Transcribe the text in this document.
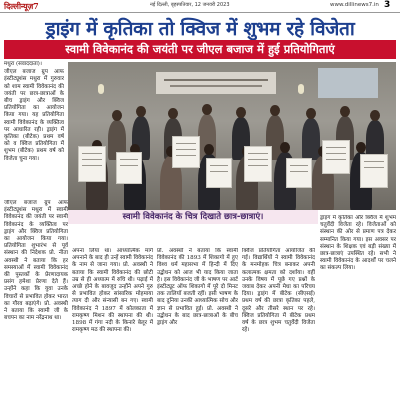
दिल्लीन्यूज़7	नई दिल्ली, बृहस्पतिवार, 12 जनवरी 2023	www.dillinews7.in 3
ड्राइंग में कृतिका तो क्विज में शुभम रहे विजेता
स्वामी विवेकानंद की जयंती पर जीएल बजाज में हुई प्रतियोगिताएं
मथुरा (संवाददाता)।
जीएल बजाज ग्रुप आफ इंस्टीट्यूशंस मथुरा में गुरुवार को शाम स्वामी विवेकानंद की जयंती पर छात्र-छात्राओं के बीच ड्राइंग और क्विज प्रतियोगिता का आयोजन किया गया। यह प्रतियोगिता स्वामी विवेकानंद के व्यक्तित्व पर आधारित रही। ड्राइंग में कृतिका (बीटेक) प्रथम वर्ष को व क्विज प्रतियोगिता में शुभम (बीटेक) प्रथम वर्ष को विजेता चुना गया।
स्वामी विवेकानंद के चित्र दिखाते छात्र-छात्राएं।
जीएल बजाज ग्रुप आफ इंस्टीट्यूशंस मथुरा में स्वामी विवेकानंद की जयंती पर स्वामी विवेकानंद के व्यक्तित्व पर ड्राइंग और क्विज प्रतियोगिता का आयोजन किया गया। प्रतियोगिता शुभारंभ से पूर्व संस्थान की निदेशक प्रो. नीता अवस्थी ने बताया कि हर समस्याओं में स्वामी विवेकानंद की पुस्तकों के प्रेरणादायक प्रसंग हमेशा प्रेरणा देते हैं। उन्होंने कहा कि युवा उनके विचारों से प्रभावित होकर भारत का गौरव बढ़ाएंगे। प्रो. अवस्थी ने बताया कि स्वामी जी के बचपन का नाम नरेंद्रनाथ था।
अपना लिया था। आध्यात्मिक मार्ग अपनाने के बाद ही उन्हें स्वामी विवेकानंद के नाम से जाना गया। प्रो. अवस्थी ने बताया कि स्वामी विवेकानंद की छोटी उम्र से ही अध्यात्म में रुचि थी। पढ़ाई में अच्छे होने के बावजूद उन्होंने अपने गुरु से प्रभावित होकर सांसारिक मोहमाया त्याग दी और संन्यासी बन गए। स्वामी विवेकानंद ने 1897 में कोलकाता में रामकृष्ण मिशन की स्थापना की थी। 1898 में गंगा नदी के किनारे बेलूर में रामकृष्ण मठ की स्थापना की।
प्रो. अवस्थी ने बताया कि स्वामी विवेकानंद की 1893 में शिकागो में हुए विश्व धर्म महासभा में हिन्दी में दिए उद्बोधन को आज भी याद किया जाता है। इस विवेकानंद जी के भाषण पर आर्ट इंस्टीट्यूट ऑफ शिकागो में पूरे दो मिनट तक तालियाँ बजती रहीं। इसी भाषण के बाद दुनिया उनकी आध्यात्मिक सोच और ज्ञान से प्रभावित हुई। प्रो. अवस्थी ने उद्बोधन के बाद छात्र-छात्राओं के बीच ड्राइंग और
क्विज प्रतियोगिता आयोजित की गई। विद्यार्थियों ने स्वामी विवेकानंद के मनमोहक चित्र बनाकर अपनी कलात्मक क्षमता को दर्शाया। वहीं उनके विषय में पूछे गए प्रश्नों के जवाब देकर अपनी मेधा का परिचय दिया। ड्राइंग में बीटेक (सीएसई) प्रथम वर्ष की छात्रा कृतिका पहले, दूसरे और तीसरे स्थान पर रहे। क्विज प्रतियोगिता में बीटेक प्रथम वर्ष के छात्र शुभम चतुर्वेदी विजेता रहे।
ड्राइंग में कृतिका और क्विज में शुभम चतुर्वेदी विजेता रहे। विजेताओं को संस्थान की ओर से प्रमाण पत्र देकर सम्मानित किया गया। इस अवसर पर संस्थान के शिक्षक एवं बड़ी संख्या में छात्र-छात्राएं उपस्थित रहे। सभी ने स्वामी विवेकानंद के आदर्शों पर चलने का संकल्प लिया।
